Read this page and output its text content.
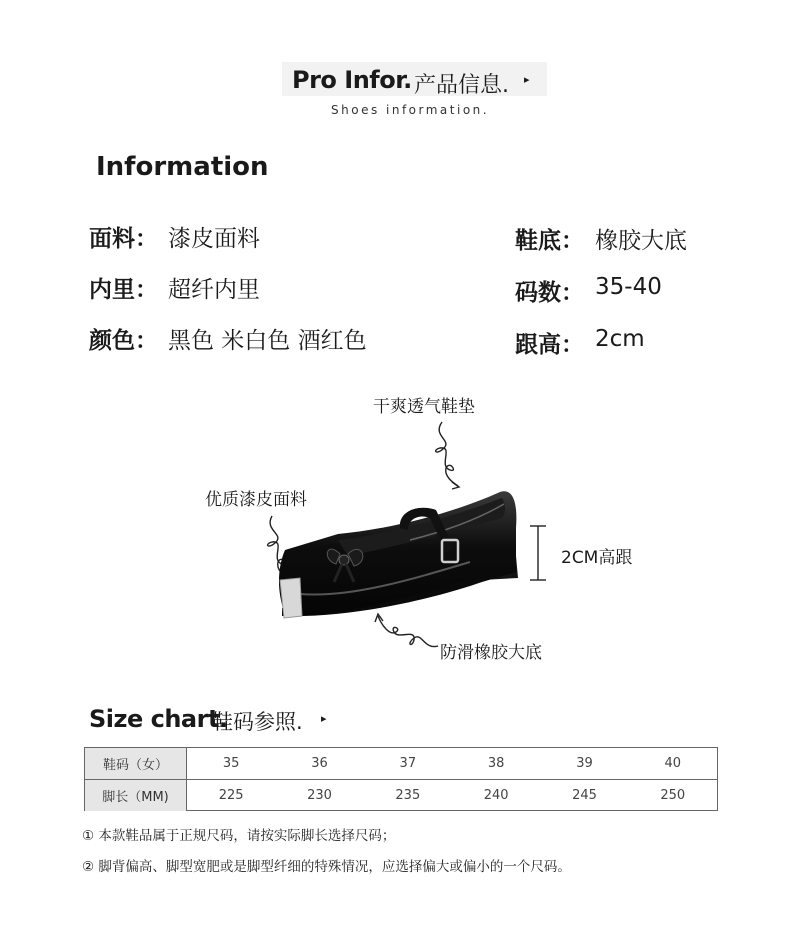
Pro Infor. 产品信息. ▸
Shoes information.
Information
面料： 漆皮面料
内里： 超纤内里
颜色： 黑色 米白色 酒红色
鞋底： 橡胶大底
码数： 35-40
跟高： 2cm
干爽透气鞋垫
优质漆皮面料
2CM高跟
防滑橡胶大底
Size chart.
鞋码参照. ▸
鞋码（女）	35	36	37	38	39	40
脚长（MM)	225	230	235	240	245	250
① 本款鞋品属于正规尺码，请按实际脚长选择尺码；
② 脚背偏高、脚型宽肥或是脚型纤细的特殊情况，应选择偏大或偏小的一个尺码。
